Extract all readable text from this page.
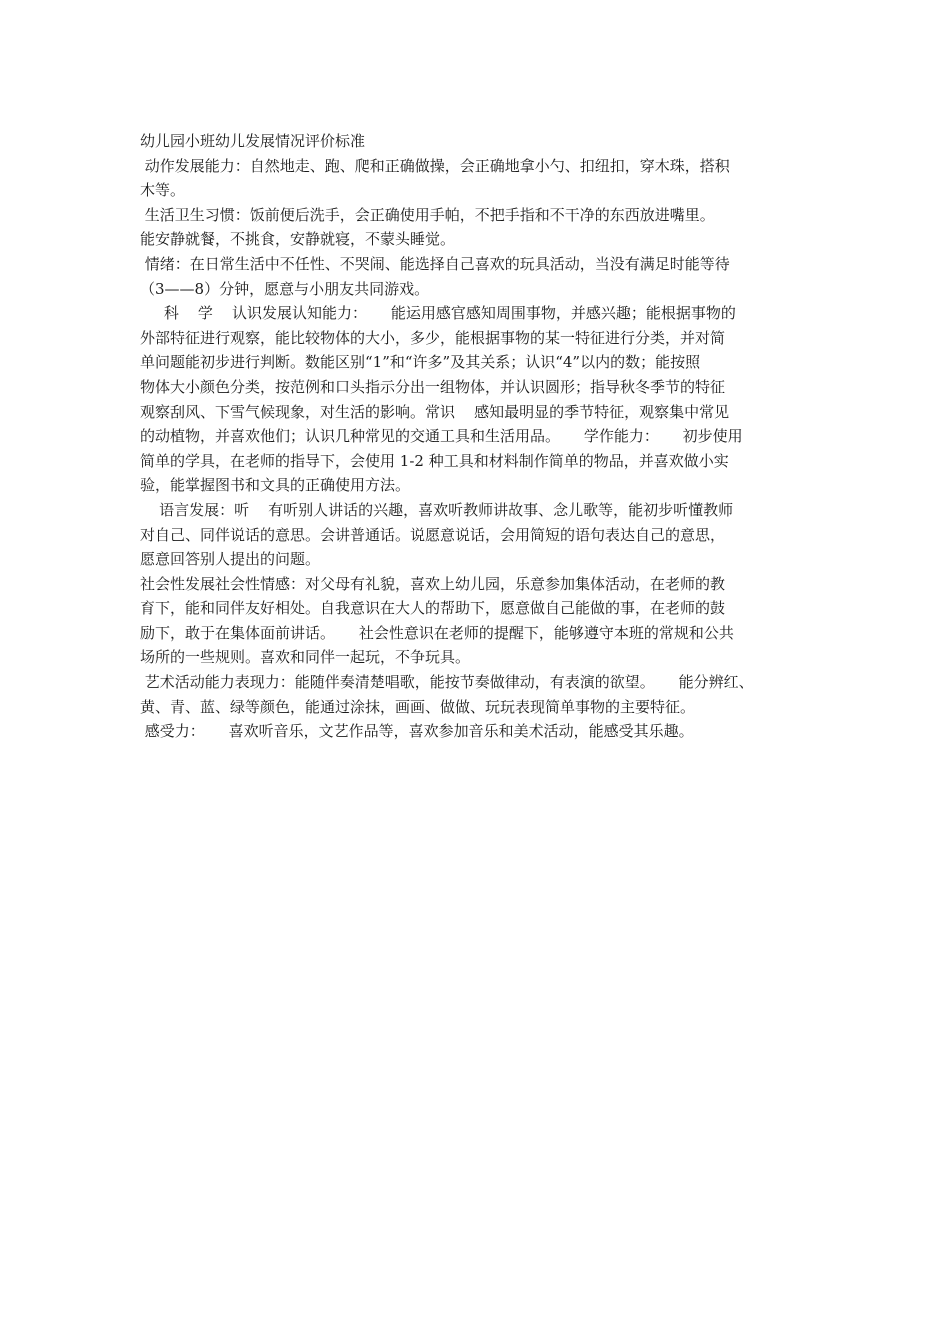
幼儿园小班幼儿发展情况评价标准
动作发展能力：自然地走、跑、爬和正确做操，会正确地拿小勺、扣纽扣，穿木珠，搭积
木等。
生活卫生习惯：饭前便后洗手，会正确使用手帕，不把手指和不干净的东西放进嘴里。
能安静就餐，不挑食，安静就寝，不蒙头睡觉。
情绪：在日常生活中不任性、不哭闹、能选择自己喜欢的玩具活动，当没有满足时能等待
（3——8）分钟，愿意与小朋友共同游戏。
科    学    认识发展认知能力：     能运用感官感知周围事物，并感兴趣；能根据事物的
外部特征进行观察，能比较物体的大小，多少，能根据事物的某一特征进行分类，并对简
单问题能初步进行判断。数能区别“1”和“许多”及其关系；认识“4”以内的数；能按照
物体大小颜色分类，按范例和口头指示分出一组物体，并认识圆形；指导秋冬季节的特征
观察刮风、下雪气候现象，对生活的影响。常识    感知最明显的季节特征，观察集中常见
的动植物，并喜欢他们；认识几种常见的交通工具和生活用品。     学作能力：     初步使用
简单的学具，在老师的指导下，会使用 1-2 种工具和材料制作简单的物品，并喜欢做小实
验，能掌握图书和文具的正确使用方法。
语言发展：听    有听别人讲话的兴趣，喜欢听教师讲故事、念儿歌等，能初步听懂教师
对自己、同伴说话的意思。会讲普通话。说愿意说话，会用简短的语句表达自己的意思，
愿意回答别人提出的问题。
社会性发展社会性情感：对父母有礼貌，喜欢上幼儿园，乐意参加集体活动，在老师的教
育下，能和同伴友好相处。自我意识在大人的帮助下，愿意做自己能做的事，在老师的鼓
励下，敢于在集体面前讲话。     社会性意识在老师的提醒下，能够遵守本班的常规和公共
场所的一些规则。喜欢和同伴一起玩，不争玩具。
艺术活动能力表现力：能随伴奏清楚唱歌，能按节奏做律动，有表演的欲望。     能分辨红、
黄、青、蓝、绿等颜色，能通过涂抹，画画、做做、玩玩表现简单事物的主要特征。
感受力：     喜欢听音乐，文艺作品等，喜欢参加音乐和美术活动，能感受其乐趣。
